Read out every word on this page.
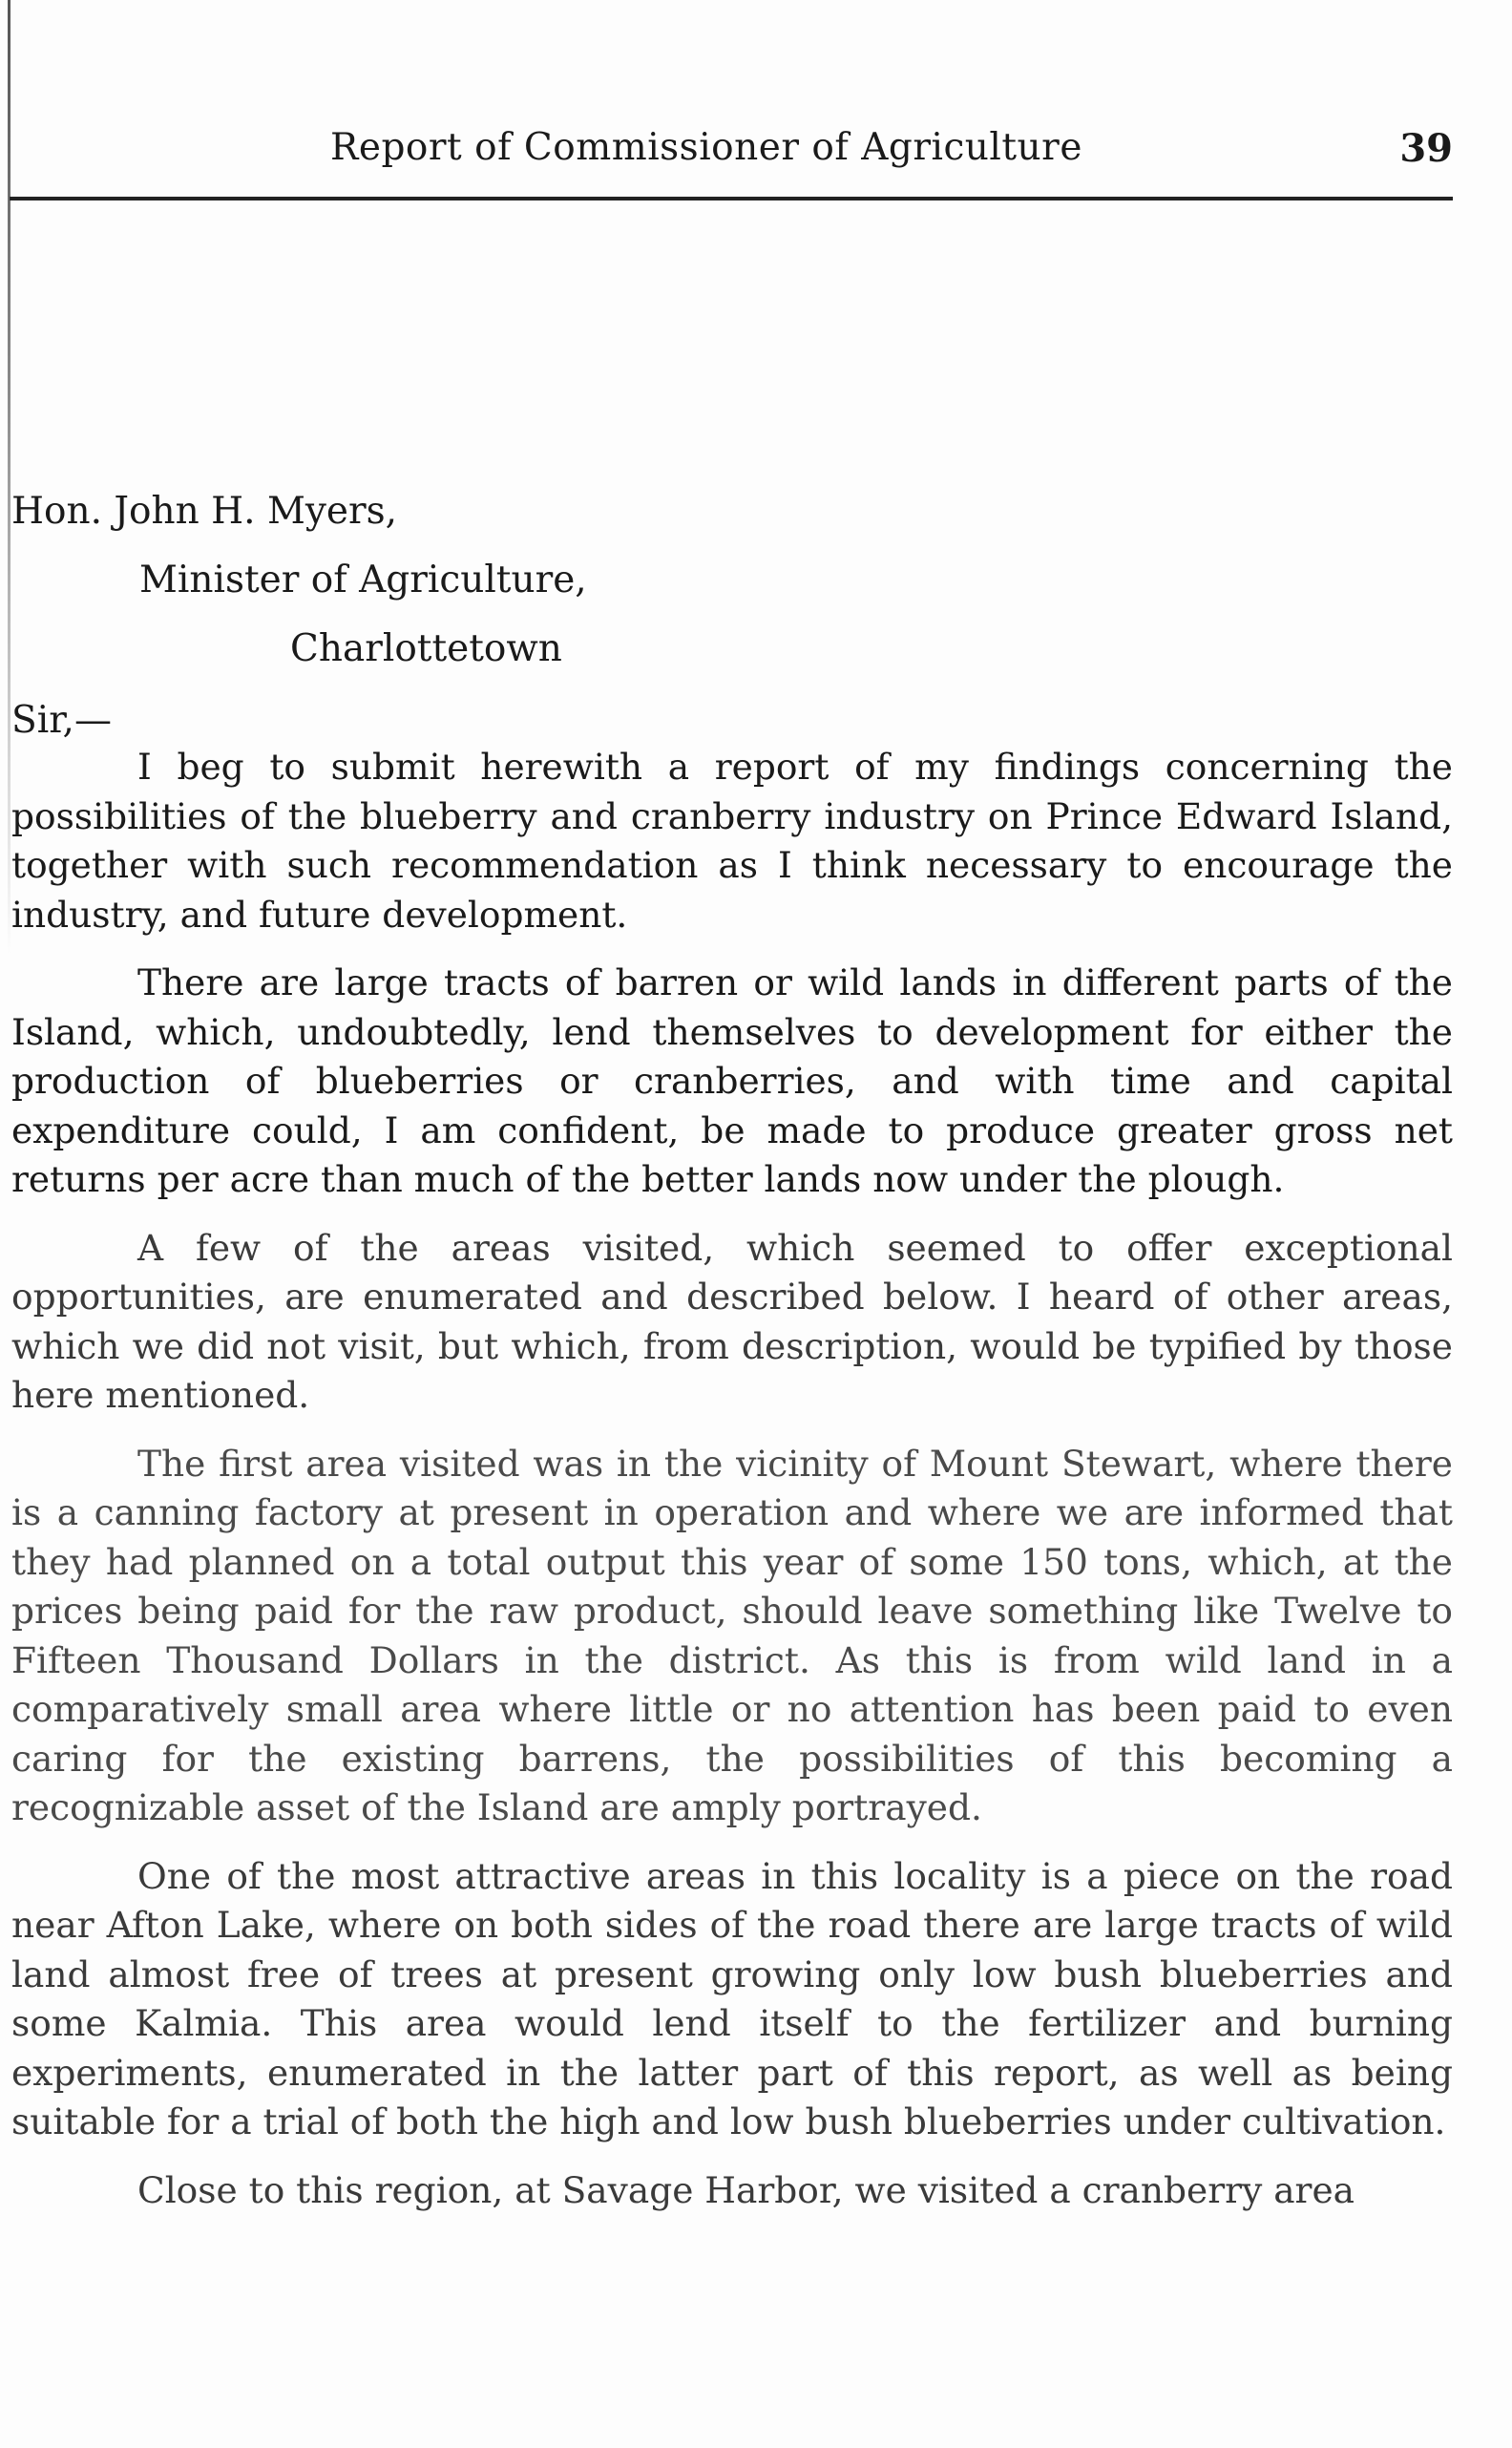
Report of Commissioner of Agriculture	39
Hon. John H. Myers,
Minister of Agriculture,
Charlottetown
Sir,—

I beg to submit herewith a report of my findings concerning the possibilities of the blueberry and cranberry industry on Prince Edward Island, together with such recommendation as I think necessary to encourage the industry, and future development.

There are large tracts of barren or wild lands in different parts of the Island, which, undoubtedly, lend themselves to development for either the production of blueberries or cranberries, and with time and capital expenditure could, I am confident, be made to produce greater gross net returns per acre than much of the better lands now under the plough.

A few of the areas visited, which seemed to offer exceptional opportunities, are enumerated and described below. I heard of other areas, which we did not visit, but which, from description, would be typified by those here mentioned.

The first area visited was in the vicinity of Mount Stewart, where there is a canning factory at present in operation and where we are informed that they had planned on a total output this year of some 150 tons, which, at the prices being paid for the raw product, should leave something like Twelve to Fifteen Thousand Dollars in the district. As this is from wild land in a comparatively small area where little or no attention has been paid to even caring for the existing barrens, the possibilities of this becoming a recognizable asset of the Island are amply portrayed.

One of the most attractive areas in this locality is a piece on the road near Afton Lake, where on both sides of the road there are large tracts of wild land almost free of trees at present growing only low bush blueberries and some Kalmia. This area would lend itself to the fertilizer and burning experiments, enumerated in the latter part of this report, as well as being suitable for a trial of both the high and low bush blueberries under cultivation.

Close to this region, at Savage Harbor, we visited a cranberry area
